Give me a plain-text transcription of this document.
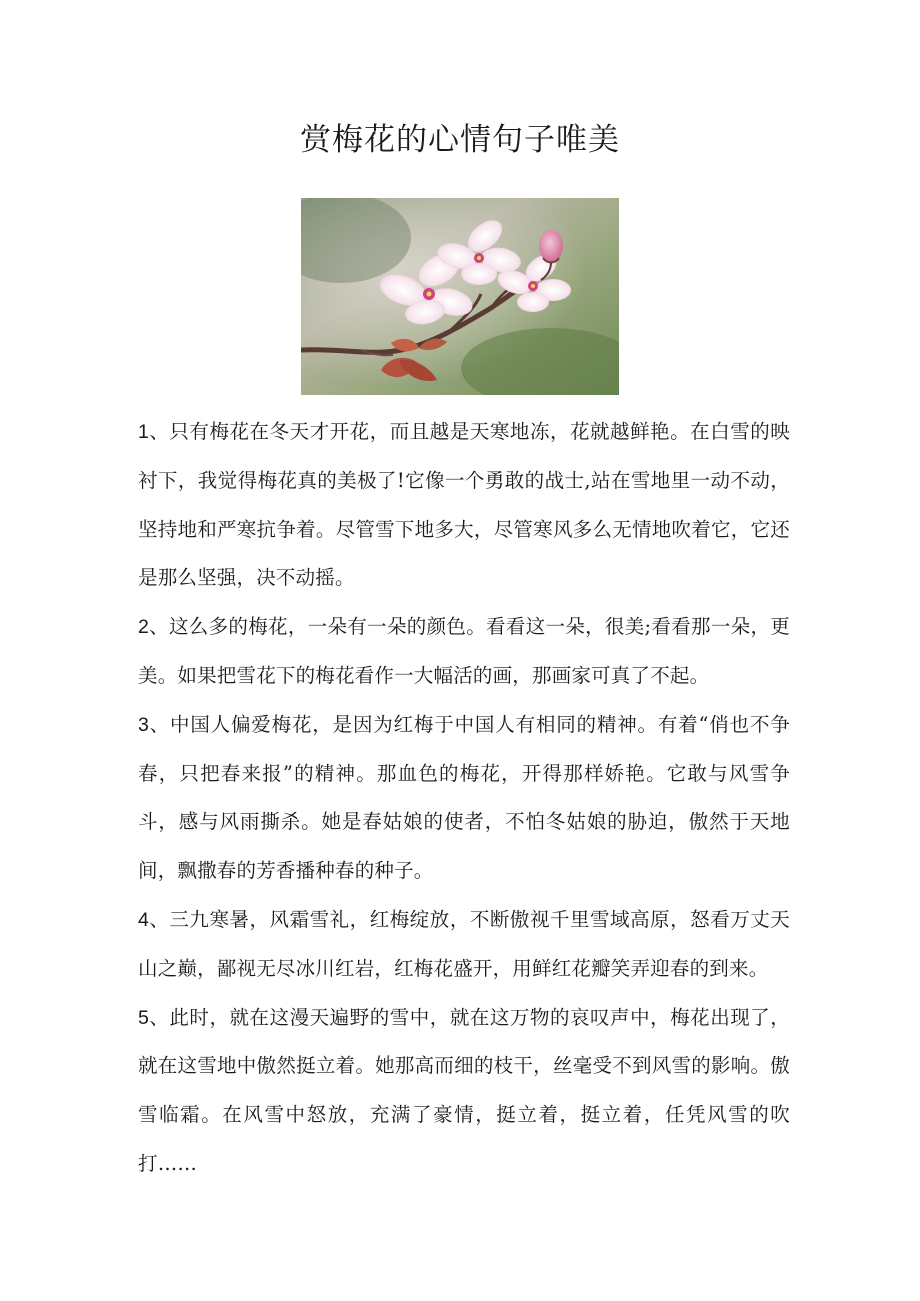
赏梅花的心情句子唯美

1、只有梅花在冬天才开花，而且越是天寒地冻，花就越鲜艳。在白雪的映衬下，我觉得梅花真的美极了!它像一个勇敢的战士,站在雪地里一动不动，坚持地和严寒抗争着。尽管雪下地多大，尽管寒风多么无情地吹着它，它还是那么坚强，决不动摇。

2、这么多的梅花，一朵有一朵的颜色。看看这一朵，很美;看看那一朵，更美。如果把雪花下的梅花看作一大幅活的画，那画家可真了不起。

3、中国人偏爱梅花，是因为红梅于中国人有相同的精神。有着“俏也不争春，只把春来报”的精神。那血色的梅花，开得那样娇艳。它敢与风雪争斗，感与风雨撕杀。她是春姑娘的使者，不怕冬姑娘的胁迫，傲然于天地间，飘撒春的芳香播种春的种子。

4、三九寒暑，风霜雪礼，红梅绽放，不断傲视千里雪域高原，怒看万丈天山之巅，鄙视无尽冰川红岩，红梅花盛开，用鲜红花瓣笑弄迎春的到来。

5、此时，就在这漫天遍野的雪中，就在这万物的哀叹声中，梅花出现了，就在这雪地中傲然挺立着。她那高而细的枝干，丝毫受不到风雪的影响。傲雪临霜。在风雪中怒放，充满了豪情，挺立着，挺立着，任凭风雪的吹打……
